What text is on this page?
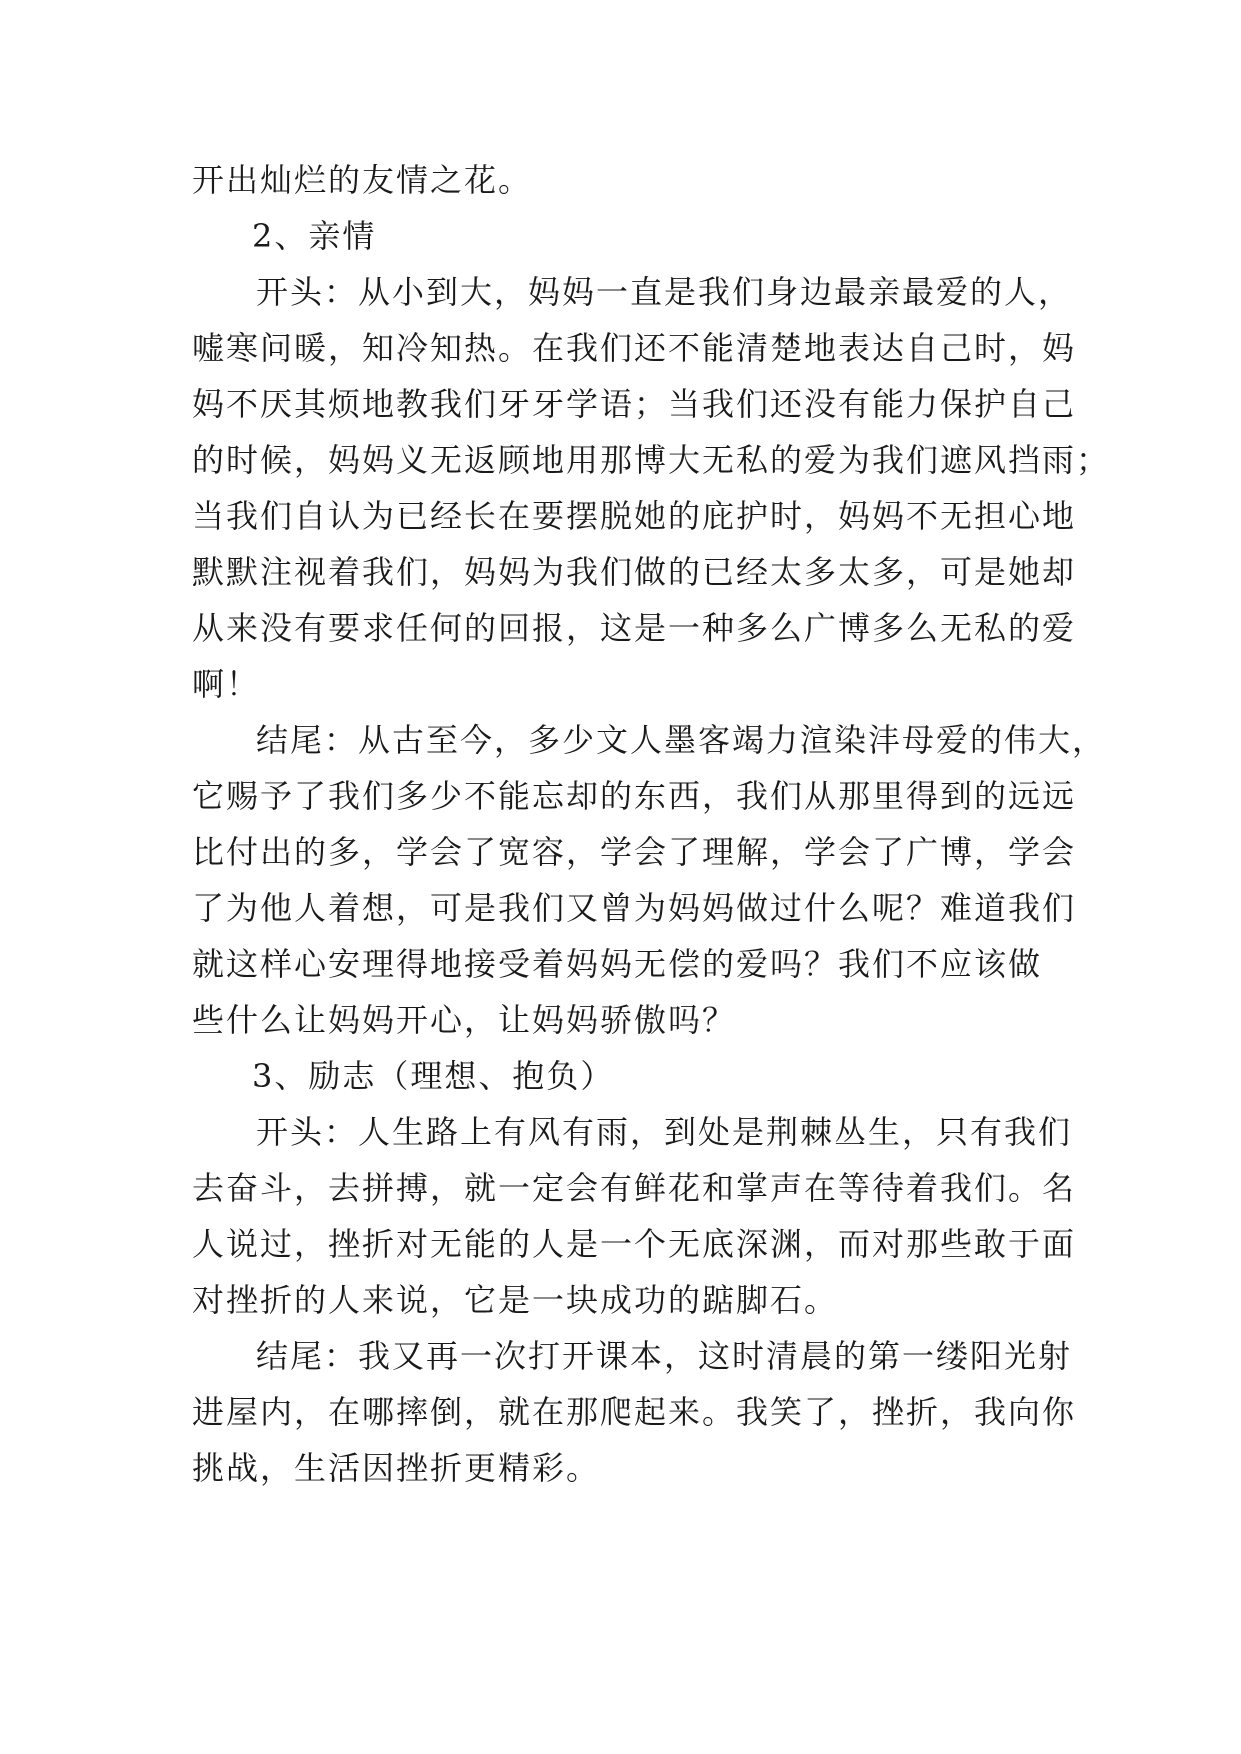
开出灿烂的友情之花。
2、亲情
开头：从小到大，妈妈一直是我们身边最亲最爱的人，
嘘寒问暖，知冷知热。在我们还不能清楚地表达自己时，妈
妈不厌其烦地教我们牙牙学语；当我们还没有能力保护自己
的时候，妈妈义无返顾地用那博大无私的爱为我们遮风挡雨；
当我们自认为已经长在要摆脱她的庇护时，妈妈不无担心地
默默注视着我们，妈妈为我们做的已经太多太多，可是她却
从来没有要求任何的回报，这是一种多么广博多么无私的爱
啊！
结尾：从古至今，多少文人墨客竭力渲染沣母爱的伟大，
它赐予了我们多少不能忘却的东西，我们从那里得到的远远
比付出的多，学会了宽容，学会了理解，学会了广博，学会
了为他人着想，可是我们又曾为妈妈做过什么呢？难道我们
就这样心安理得地接受着妈妈无偿的爱吗？我们不应该做
些什么让妈妈开心，让妈妈骄傲吗？
3、励志（理想、抱负）
开头：人生路上有风有雨，到处是荆棘丛生，只有我们
去奋斗，去拼搏，就一定会有鲜花和掌声在等待着我们。名
人说过，挫折对无能的人是一个无底深渊，而对那些敢于面
对挫折的人来说，它是一块成功的踮脚石。
结尾：我又再一次打开课本，这时清晨的第一缕阳光射
进屋内，在哪摔倒，就在那爬起来。我笑了，挫折，我向你
挑战，生活因挫折更精彩。
